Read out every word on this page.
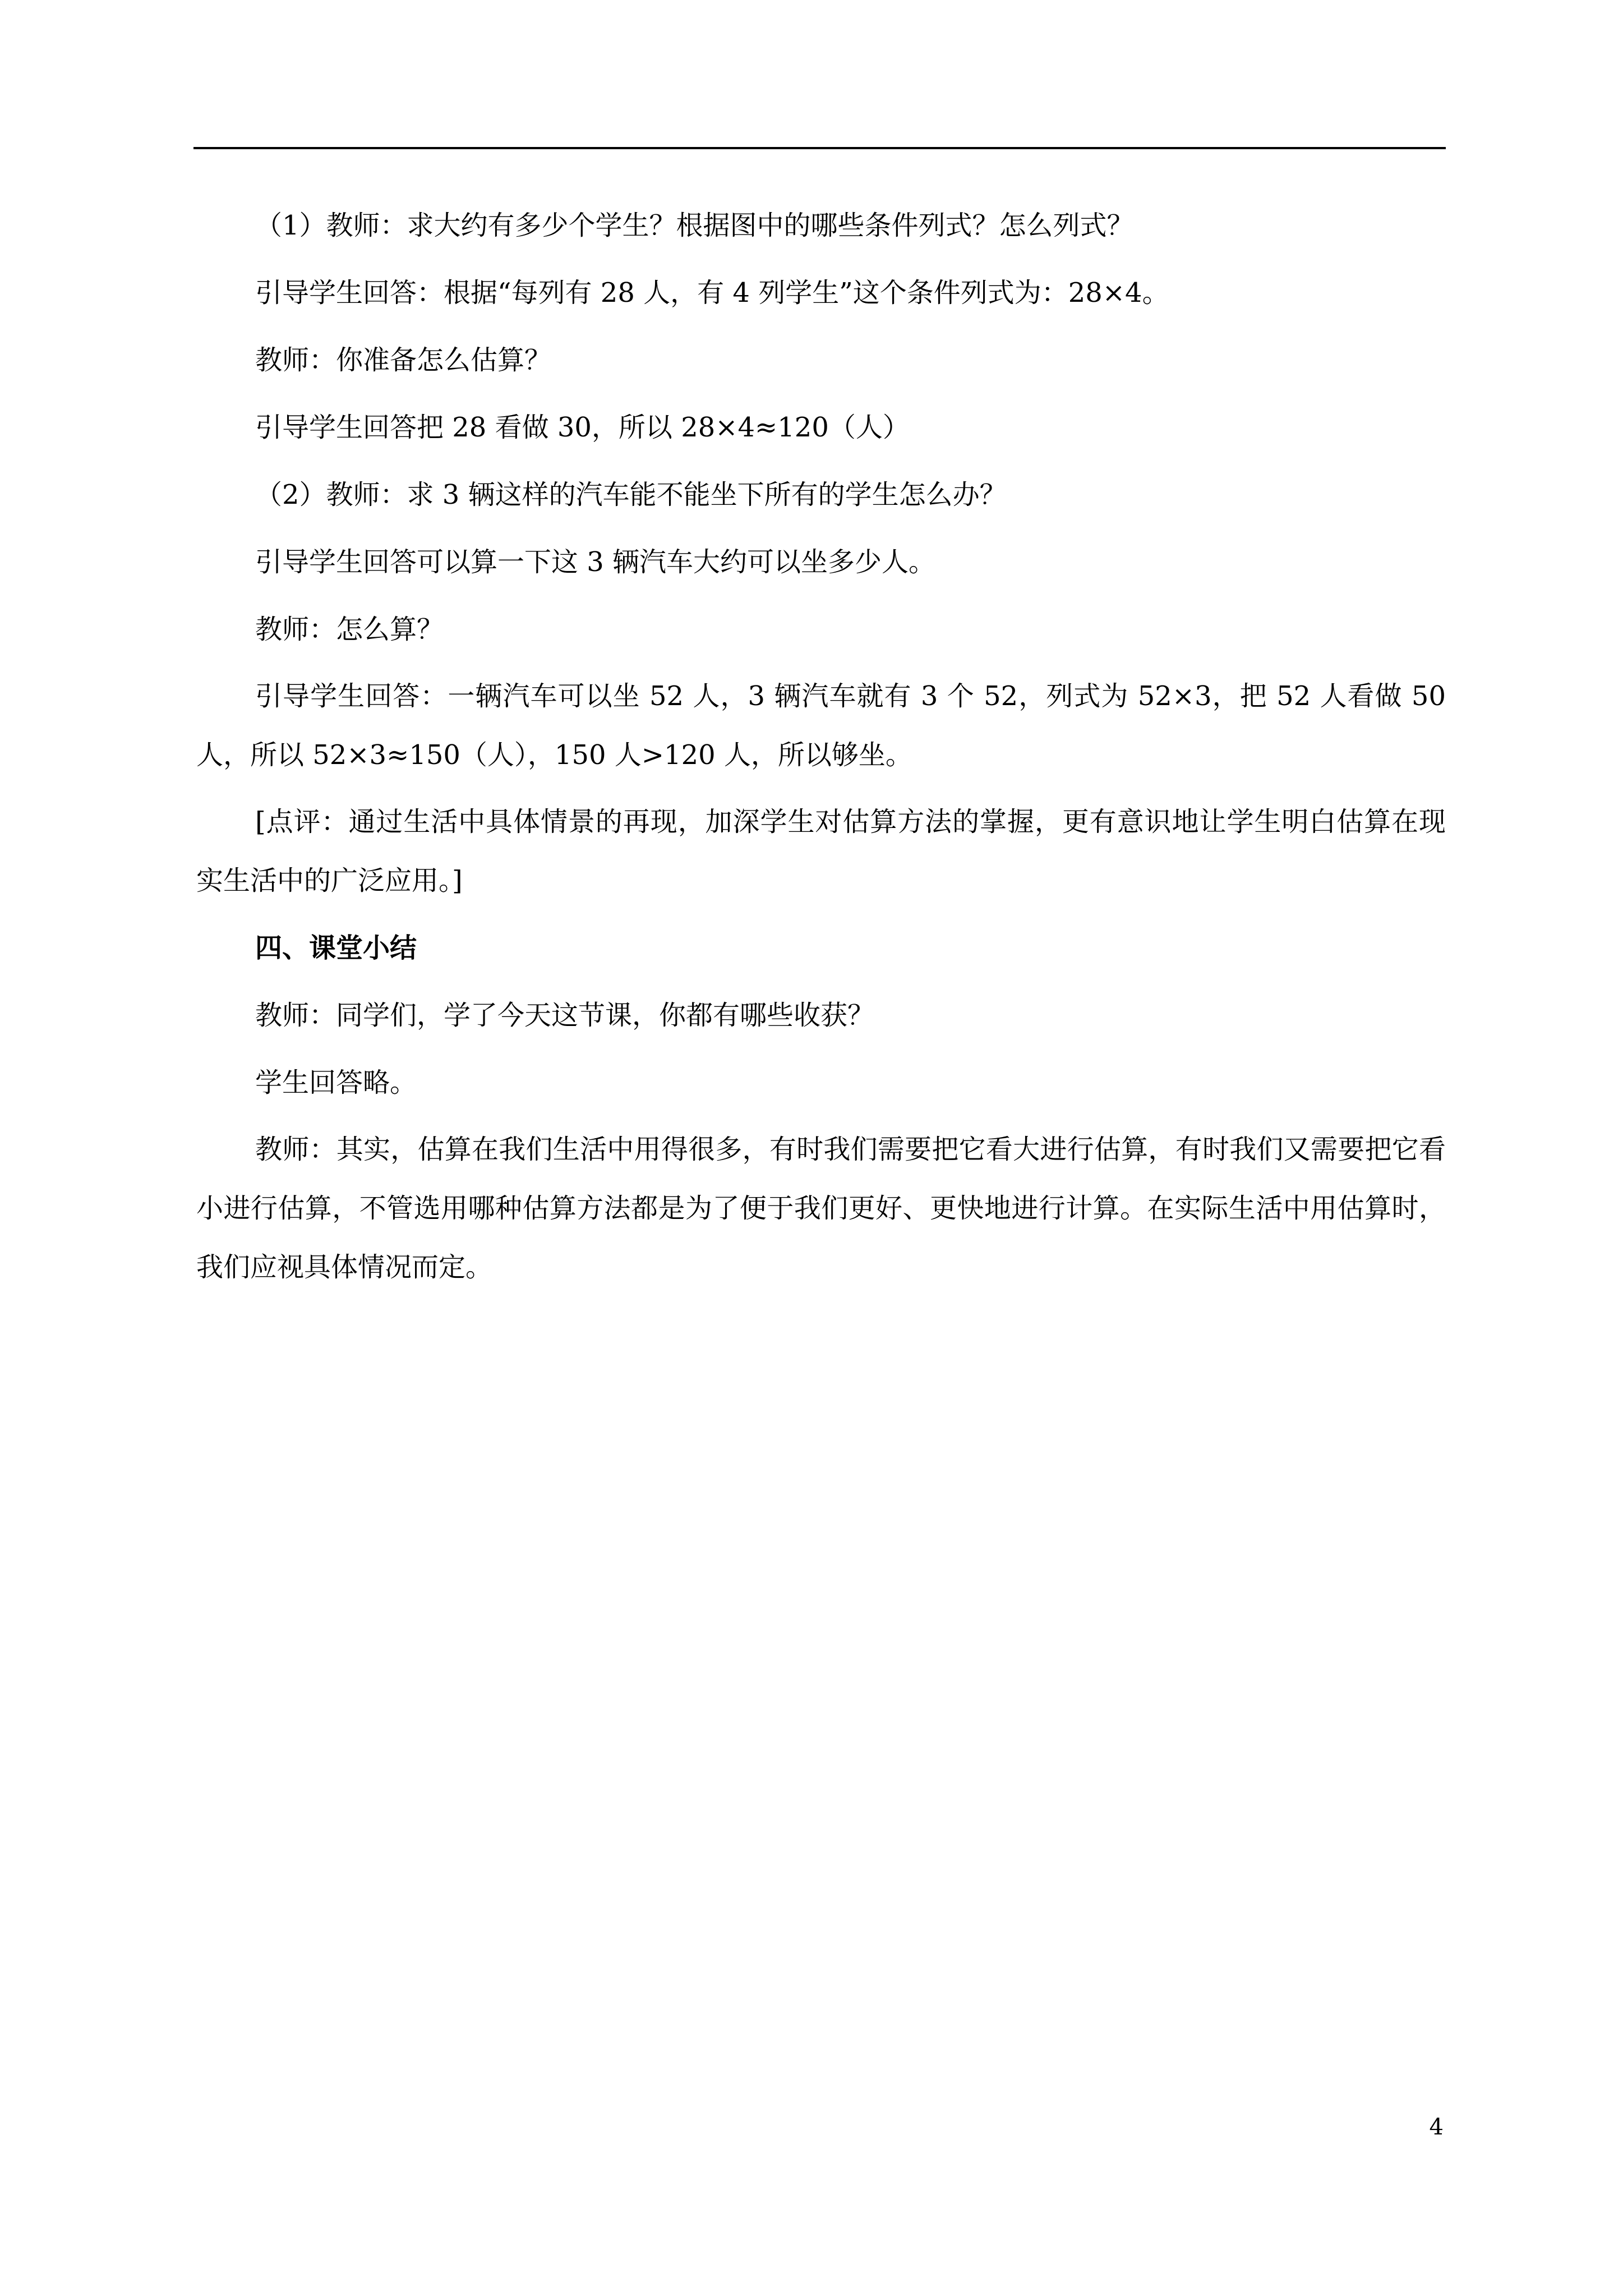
（1）教师：求大约有多少个学生？根据图中的哪些条件列式？怎么列式？

引导学生回答：根据“每列有 28 人，有 4 列学生”这个条件列式为：28×4。

教师：你准备怎么估算？

引导学生回答把 28 看做 30，所以 28×4≈120（人）

（2）教师：求 3 辆这样的汽车能不能坐下所有的学生怎么办？

引导学生回答可以算一下这 3 辆汽车大约可以坐多少人。

教师：怎么算？

引导学生回答：一辆汽车可以坐 52 人，3 辆汽车就有 3 个 52，列式为 52×3，把 52 人看做 50 人，所以 52×3≈150（人），150 人>120 人，所以够坐。

[点评：通过生活中具体情景的再现，加深学生对估算方法的掌握，更有意识地让学生明白估算在现实生活中的广泛应用。]

四、课堂小结

教师：同学们，学了今天这节课，你都有哪些收获？

学生回答略。

教师：其实，估算在我们生活中用得很多，有时我们需要把它看大进行估算，有时我们又需要把它看小进行估算，不管选用哪种估算方法都是为了便于我们更好、更快地进行计算。在实际生活中用估算时，我们应视具体情况而定。

4
